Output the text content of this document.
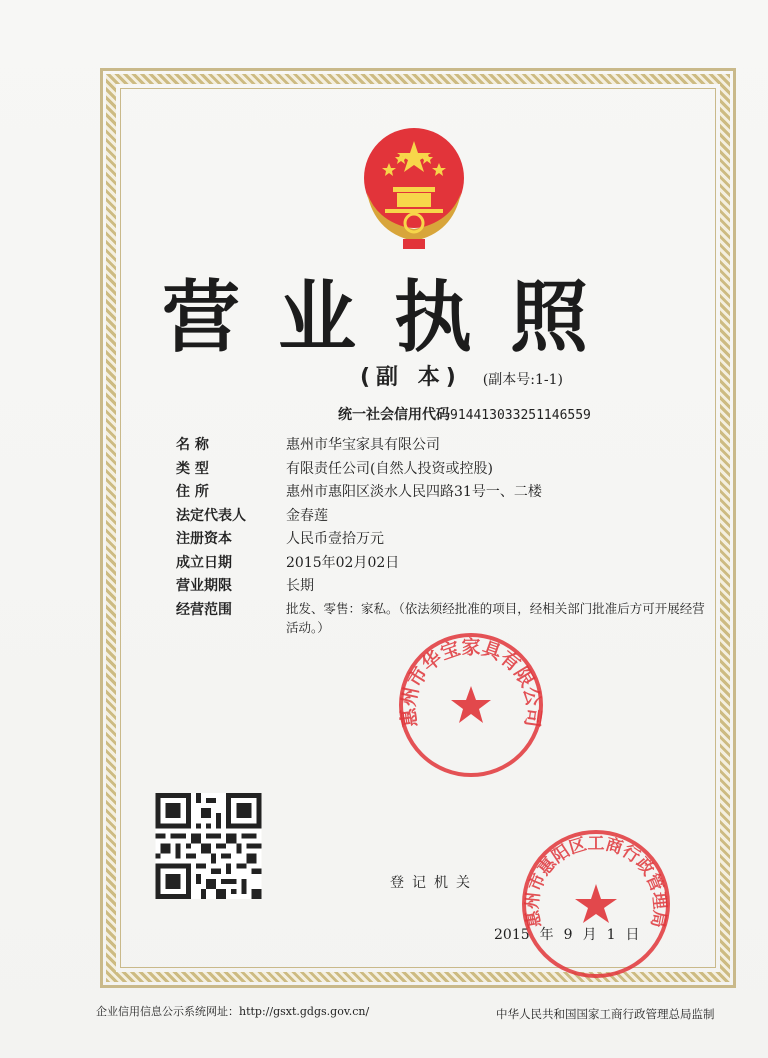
营业执照
(副 本) (副本号:1-1)
统一社会信用代码914413033251146559
名 称	惠州市华宝家具有限公司
类 型	有限责任公司(自然人投资或控股)
住 所	惠州市惠阳区淡水人民四路31号一、二楼
法定代表人	金春莲
注册资本	人民币壹拾万元
成立日期	2015年02月02日
营业期限	长期
经营范围	批发、零售：家私。（依法须经批准的项目，经相关部门批准后方可开展经营活动。）
惠州市华宝家具有限公司
登记机关
2015 年 9 月 1 日
惠州市惠阳区工商行政管理局
企业信用信息公示系统网址：http://gsxt.gdgs.gov.cn/	中华人民共和国国家工商行政管理总局监制
